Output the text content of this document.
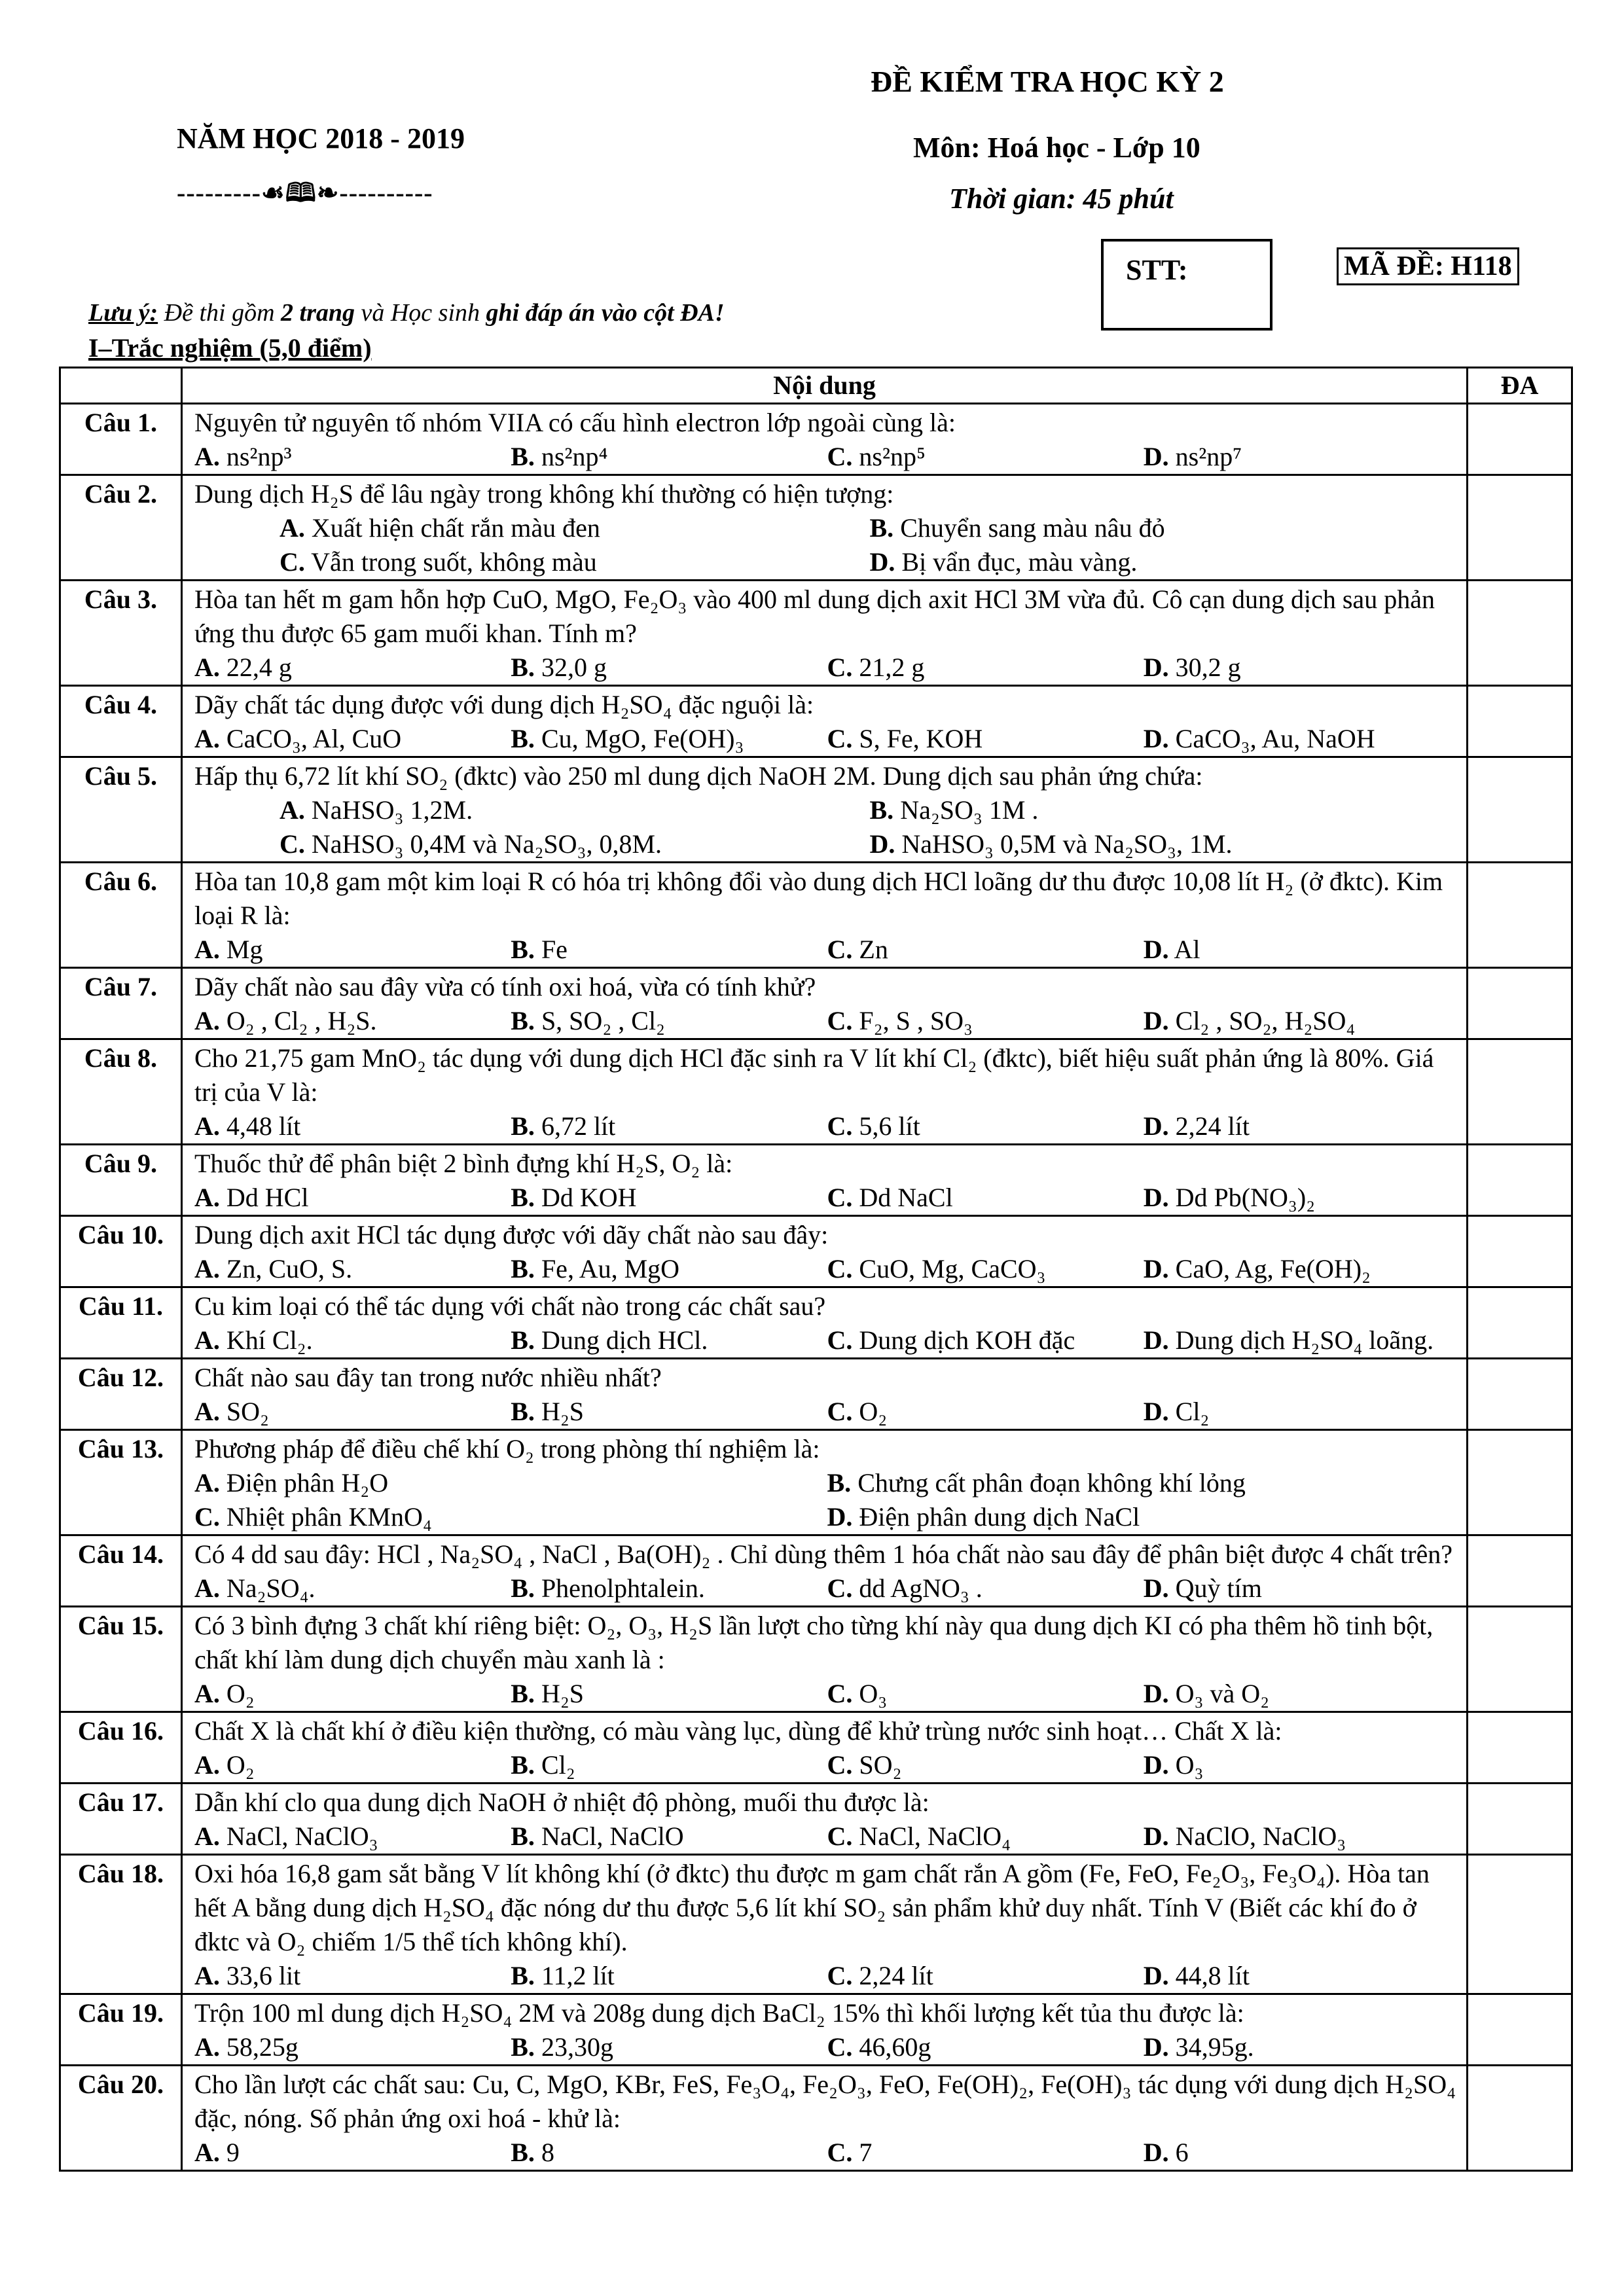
NĂM HỌC 2018 - 2019
---------☙🕮❧----------
ĐỀ KIỂM TRA HỌC KỲ 2
Môn: Hoá học - Lớp 10
Thời gian: 45 phút
STT:	MÃ ĐỀ: H118
Lưu ý: Đề thi gồm 2 trang và Học sinh ghi đáp án vào cột ĐA!
I–Trắc nghiệm (5,0 điểm)
	Nội dung	ĐA
Câu 1.	Nguyên tử nguyên tố nhóm VIIA có cấu hình electron lớp ngoài cùng là:
A. ns²np³ B. ns²np⁴ C. ns²np⁵ D. ns²np⁷	

Câu 2.	Dung dịch H₂S để lâu ngày trong không khí thường có hiện tượng:
A. Xuất hiện chất rắn màu đen B. Chuyển sang màu nâu đỏ
C. Vẫn trong suốt, không màu D. Bị vẩn đục, màu vàng.	

Câu 3.	Hòa tan hết m gam hỗn hợp CuO, MgO, Fe₂O₃ vào 400 ml dung dịch axit HCl 3M vừa đủ. Cô cạn dung dịch sau phản ứng thu được 65 gam muối khan. Tính m?
A. 22,4 g B. 32,0 g C. 21,2 g D. 30,2 g	

Câu 4.	Dãy chất tác dụng được với dung dịch H₂SO₄ đặc nguội là:
A. CaCO₃, Al, CuO B. Cu, MgO, Fe(OH)₃ C. S, Fe, KOH D. CaCO₃, Au, NaOH	

Câu 5.	Hấp thụ 6,72 lít khí SO₂ (đktc) vào 250 ml dung dịch NaOH 2M. Dung dịch sau phản ứng chứa:
A. NaHSO₃ 1,2M. B. Na₂SO₃ 1M .
C. NaHSO₃ 0,4M và Na₂SO₃, 0,8M. D. NaHSO₃ 0,5M và Na₂SO₃, 1M.	

Câu 6.	Hòa tan 10,8 gam một kim loại R có hóa trị không đổi vào dung dịch HCl loãng dư thu được 10,08 lít H₂ (ở đktc). Kim loại R là:
A. Mg B. Fe C. Zn D. Al	

Câu 7.	Dãy chất nào sau đây vừa có tính oxi hoá, vừa có tính khử?
A. O₂ , Cl₂ , H₂S. B. S, SO₂ , Cl₂ C. F₂, S , SO₃ D. Cl₂ , SO₂, H₂SO₄	

Câu 8.	Cho 21,75 gam MnO₂ tác dụng với dung dịch HCl đặc sinh ra V lít khí Cl₂ (đktc), biết hiệu suất phản ứng là 80%. Giá trị của V là:
A. 4,48 lít B. 6,72 lít C. 5,6 lít D. 2,24 lít	

Câu 9.	Thuốc thử để phân biệt 2 bình đựng khí H₂S, O₂ là:
A. Dd HCl B. Dd KOH C. Dd NaCl D. Dd Pb(NO₃)₂	

Câu 10.	Dung dịch axit HCl tác dụng được với dãy chất nào sau đây:
A. Zn, CuO, S. B. Fe, Au, MgO C. CuO, Mg, CaCO₃ D. CaO, Ag, Fe(OH)₂	

Câu 11.	Cu kim loại có thể tác dụng với chất nào trong các chất sau?
A. Khí Cl₂. B. Dung dịch HCl. C. Dung dịch KOH đặc D. Dung dịch H₂SO₄ loãng.	

Câu 12.	Chất nào sau đây tan trong nước nhiều nhất?
A. SO₂ B. H₂S C. O₂ D. Cl₂	

Câu 13.	Phương pháp để điều chế khí O₂ trong phòng thí nghiệm là:
A. Điện phân H₂O B. Chưng cất phân đoạn không khí lỏng
C. Nhiệt phân KMnO₄ D. Điện phân dung dịch NaCl	

Câu 14.	Có 4 dd sau đây: HCl , Na₂SO₄ , NaCl , Ba(OH)₂ . Chỉ dùng thêm 1 hóa chất nào sau đây để phân biệt được 4 chất trên?
A. Na₂SO₄. B. Phenolphtalein. C. dd AgNO₃ . D. Quỳ tím	

Câu 15.	Có 3 bình đựng 3 chất khí riêng biệt: O₂, O₃, H₂S lần lượt cho từng khí này qua dung dịch KI có pha thêm hồ tinh bột, chất khí làm dung dịch chuyển màu xanh là :
A. O₂ B. H₂S C. O₃ D. O₃ và O₂	

Câu 16.	Chất X là chất khí ở điều kiện thường, có màu vàng lục, dùng để khử trùng nước sinh hoạt… Chất X là:
A. O₂ B. Cl₂ C. SO₂ D. O₃	

Câu 17.	Dẫn khí clo qua dung dịch NaOH ở nhiệt độ phòng, muối thu được là:
A. NaCl, NaClO₃ B. NaCl, NaClO C. NaCl, NaClO₄ D. NaClO, NaClO₃	

Câu 18.	Oxi hóa 16,8 gam sắt bằng V lít không khí (ở đktc) thu được m gam chất rắn A gồm (Fe, FeO, Fe₂O₃, Fe₃O₄). Hòa tan hết A bằng dung dịch H₂SO₄ đặc nóng dư thu được 5,6 lít khí SO₂ sản phẩm khử duy nhất. Tính V (Biết các khí đo ở đktc và O₂ chiếm 1/5 thể tích không khí).
A. 33,6 lit B. 11,2 lít C. 2,24 lít D. 44,8 lít	

Câu 19.	Trộn 100 ml dung dịch H₂SO₄ 2M và 208g dung dịch BaCl₂ 15% thì khối lượng kết tủa thu được là:
A. 58,25g B. 23,30g C. 46,60g D. 34,95g.	

Câu 20.	Cho lần lượt các chất sau: Cu, C, MgO, KBr, FeS, Fe₃O₄, Fe₂O₃, FeO, Fe(OH)₂, Fe(OH)₃ tác dụng với dung dịch H₂SO₄ đặc, nóng. Số phản ứng oxi hoá - khử là:
A. 9 B. 8 C. 7 D. 6	
